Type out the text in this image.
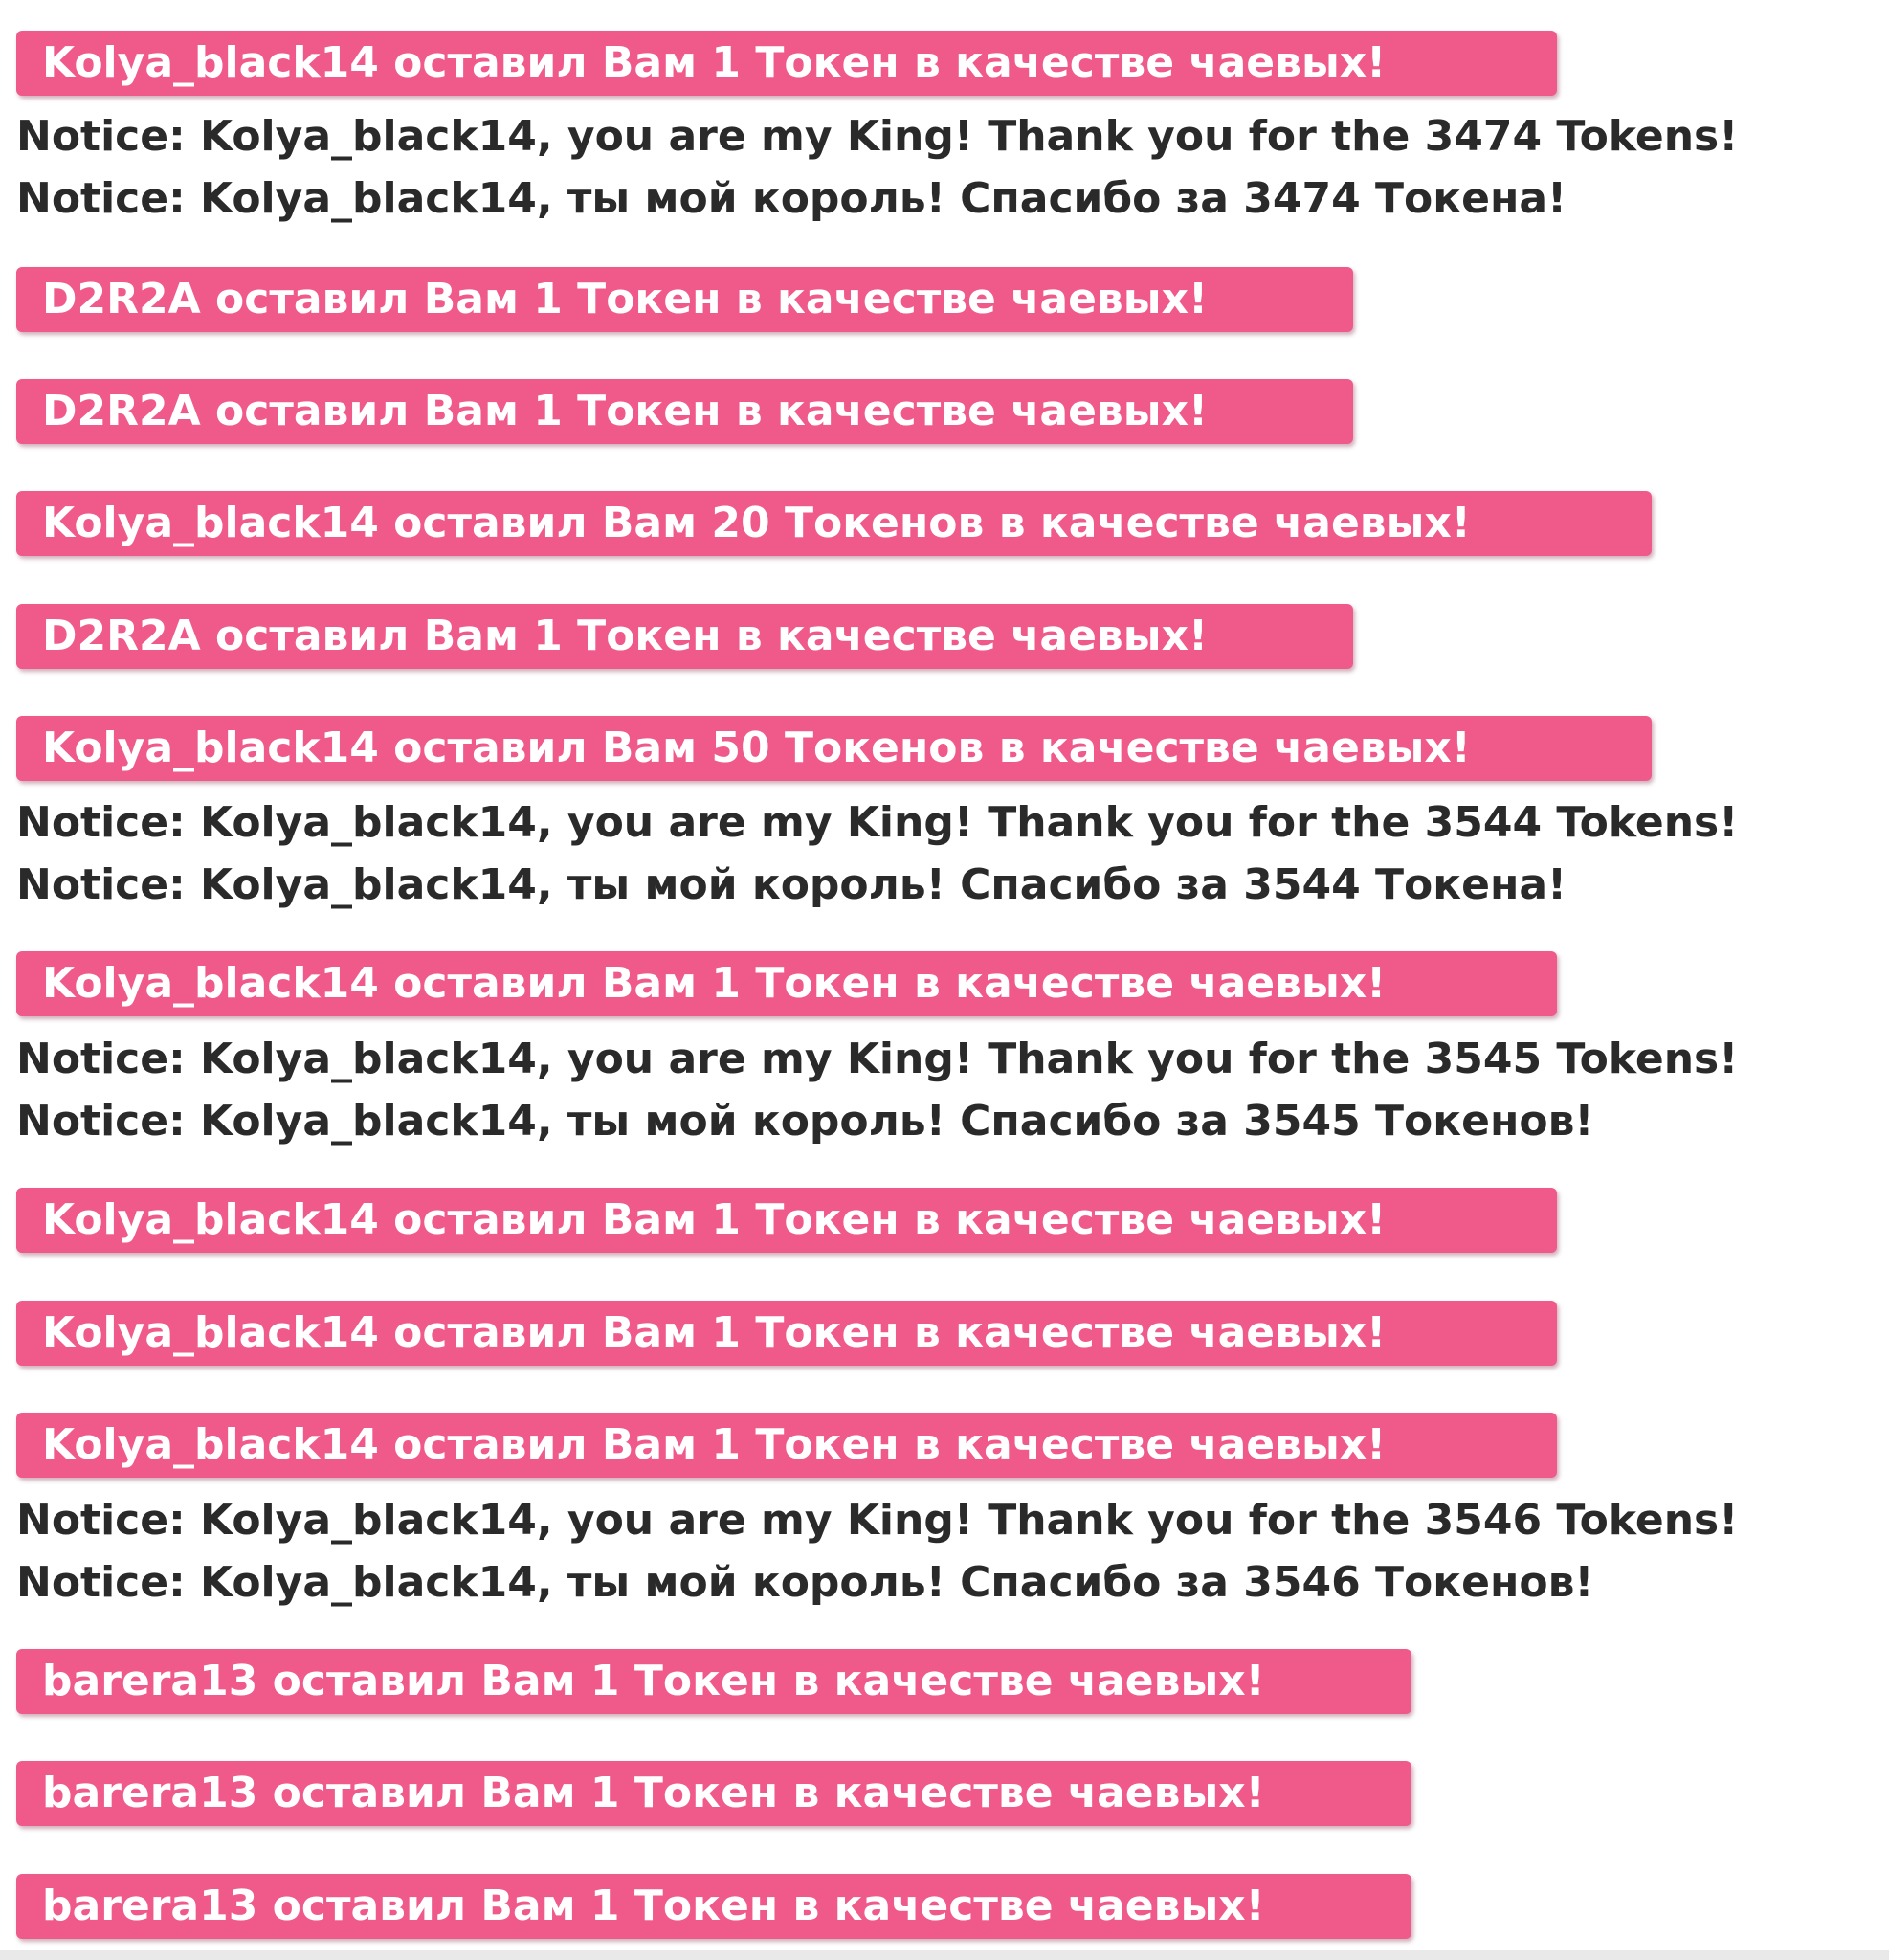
Kolya_black14 оставил Вам 1 Токен в качестве чаевых!
Notice: Kolya_black14, you are my King! Thank you for the 3474 Tokens!
Notice: Kolya_black14, ты мой король! Спасибо за 3474 Токена!
D2R2A оставил Вам 1 Токен в качестве чаевых!
D2R2A оставил Вам 1 Токен в качестве чаевых!
Kolya_black14 оставил Вам 20 Токенов в качестве чаевых!
D2R2A оставил Вам 1 Токен в качестве чаевых!
Kolya_black14 оставил Вам 50 Токенов в качестве чаевых!
Notice: Kolya_black14, you are my King! Thank you for the 3544 Tokens!
Notice: Kolya_black14, ты мой король! Спасибо за 3544 Токена!
Kolya_black14 оставил Вам 1 Токен в качестве чаевых!
Notice: Kolya_black14, you are my King! Thank you for the 3545 Tokens!
Notice: Kolya_black14, ты мой король! Спасибо за 3545 Токенов!
Kolya_black14 оставил Вам 1 Токен в качестве чаевых!
Kolya_black14 оставил Вам 1 Токен в качестве чаевых!
Kolya_black14 оставил Вам 1 Токен в качестве чаевых!
Notice: Kolya_black14, you are my King! Thank you for the 3546 Tokens!
Notice: Kolya_black14, ты мой король! Спасибо за 3546 Токенов!
barera13 оставил Вам 1 Токен в качестве чаевых!
barera13 оставил Вам 1 Токен в качестве чаевых!
barera13 оставил Вам 1 Токен в качестве чаевых!
